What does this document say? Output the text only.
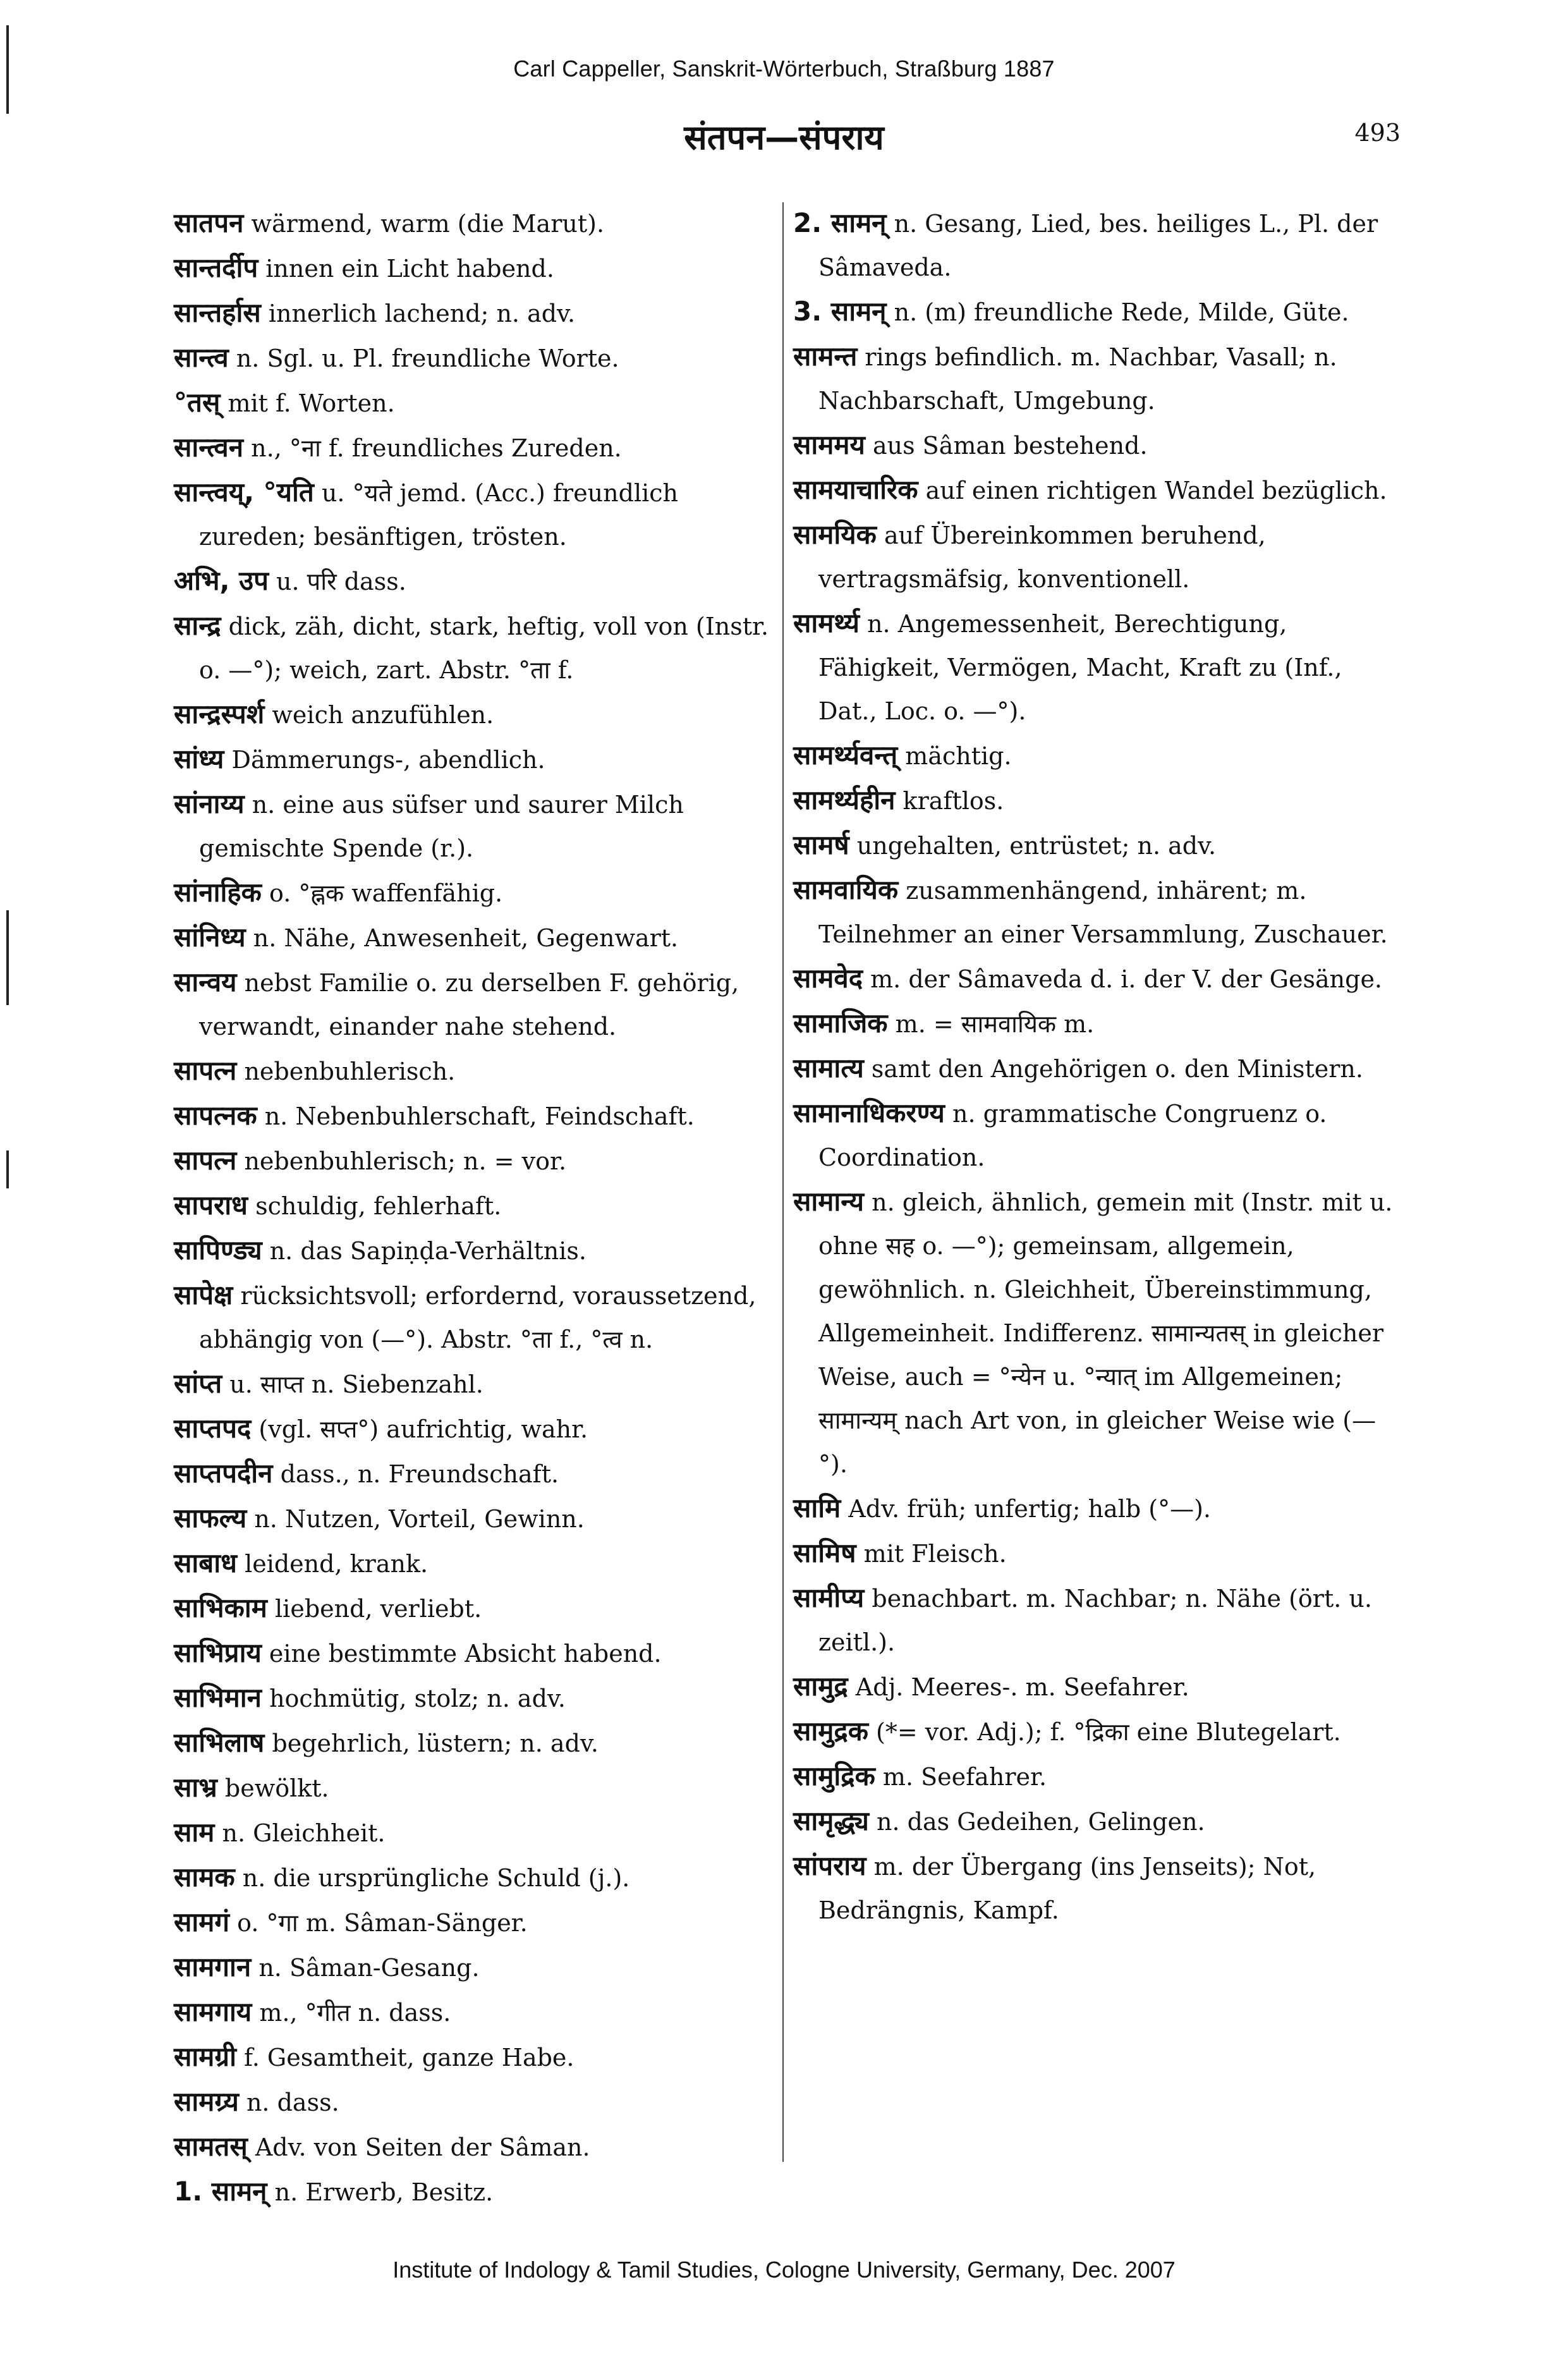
Carl Cappeller, Sanskrit-Wörterbuch, Straßburg 1887
संतपन—संपराय	493
सातपन wärmend, warm (die Marut).
सान्तर्दीप innen ein Licht habend.
सान्तर्हास innerlich lachend; n. adv.
सान्त्व n. Sgl. u. Pl. freundliche Worte.
°तस् mit f. Worten.
सान्त्वन n., °ना f. freundliches Zureden.
सान्त्वय्, °यति u. °यते jemd. (Acc.) freundlich zureden; besänftigen, trösten.
अभि, उप u. परि dass.
सान्द्र dick, zäh, dicht, stark, heftig, voll von (Instr. o. —°); weich, zart. Abstr. °ता f.
सान्द्रस्पर्श weich anzufühlen.
सांध्य Dämmerungs-, abendlich.
सांनाय्य n. eine aus süfser und saurer Milch gemischte Spende (r.).
सांनाहिक o. °ह्नक waffenfähig.
सांनिध्य n. Nähe, Anwesenheit, Gegenwart.
सान्वय nebst Familie o. zu derselben F. gehörig, verwandt, einander nahe stehend.
सापत्न nebenbuhlerisch.
सापत्नक n. Nebenbuhlerschaft, Feindschaft.
सापत्न nebenbuhlerisch; n. = vor.
सापराध schuldig, fehlerhaft.
सापिण्ड्य n. das Sapiṇḍa-Verhältnis.
सापेक्ष rücksichtsvoll; erfordernd, voraussetzend, abhängig von (—°). Abstr. °ता f., °त्व n.
सांप्त u. साप्त n. Siebenzahl.
साप्तपद (vgl. सप्त°) aufrichtig, wahr.
साप्तपदीन dass., n. Freundschaft.
साफल्य n. Nutzen, Vorteil, Gewinn.
साबाध leidend, krank.
साभिकाम liebend, verliebt.
साभिप्राय eine bestimmte Absicht habend.
साभिमान hochmütig, stolz; n. adv.
साभिलाष begehrlich, lüstern; n. adv.
साभ्र bewölkt.
साम n. Gleichheit.
सामक n. die ursprüngliche Schuld (j.).
सामगं o. °गा m. Sâman-Sänger.
सामगान n. Sâman-Gesang.
सामगाय m., °गीत n. dass.
सामग्री f. Gesamtheit, ganze Habe.
सामग्र्य n. dass.
सामतस् Adv. von Seiten der Sâman.
1. सामन् n. Erwerb, Besitz.
2. सामन् n. Gesang, Lied, bes. heiliges L., Pl. der Sâmaveda.
3. सामन् n. (m) freundliche Rede, Milde, Güte.
सामन्त rings befindlich. m. Nachbar, Vasall; n. Nachbarschaft, Umgebung.
साममय aus Sâman bestehend.
सामयाचारिक auf einen richtigen Wandel bezüglich.
सामयिक auf Übereinkommen beruhend, vertragsmäfsig, konventionell.
सामर्थ्य n. Angemessenheit, Berechtigung, Fähigkeit, Vermögen, Macht, Kraft zu (Inf., Dat., Loc. o. —°).
सामर्थ्यवन्त् mächtig.
सामर्थ्यहीन kraftlos.
सामर्ष ungehalten, entrüstet; n. adv.
सामवायिक zusammenhängend, inhärent; m. Teilnehmer an einer Versammlung, Zuschauer.
सामवेद m. der Sâmaveda d. i. der V. der Gesänge.
सामाजिक m. = सामवायिक m.
सामात्य samt den Angehörigen o. den Ministern.
सामानाधिकरण्य n. grammatische Congruenz o. Coordination.
सामान्य n. gleich, ähnlich, gemein mit (Instr. mit u. ohne सह o. —°); gemeinsam, allgemein, gewöhnlich. n. Gleichheit, Übereinstimmung, Allgemeinheit. Indifferenz. सामान्यतस् in gleicher Weise, auch = °न्येन u. °न्यात् im Allgemeinen; सामान्यम् nach Art von, in gleicher Weise wie (—°).
सामि Adv. früh; unfertig; halb (°—).
सामिष mit Fleisch.
सामीप्य benachbart. m. Nachbar; n. Nähe (ört. u. zeitl.).
सामुद्र Adj. Meeres-. m. Seefahrer.
सामुद्रक (*= vor. Adj.); f. °द्रिका eine Blutegelart.
सामुद्रिक m. Seefahrer.
सामृद्ध्य n. das Gedeihen, Gelingen.
सांपराय m. der Übergang (ins Jenseits); Not, Bedrängnis, Kampf.
Institute of Indology & Tamil Studies, Cologne University, Germany, Dec. 2007
